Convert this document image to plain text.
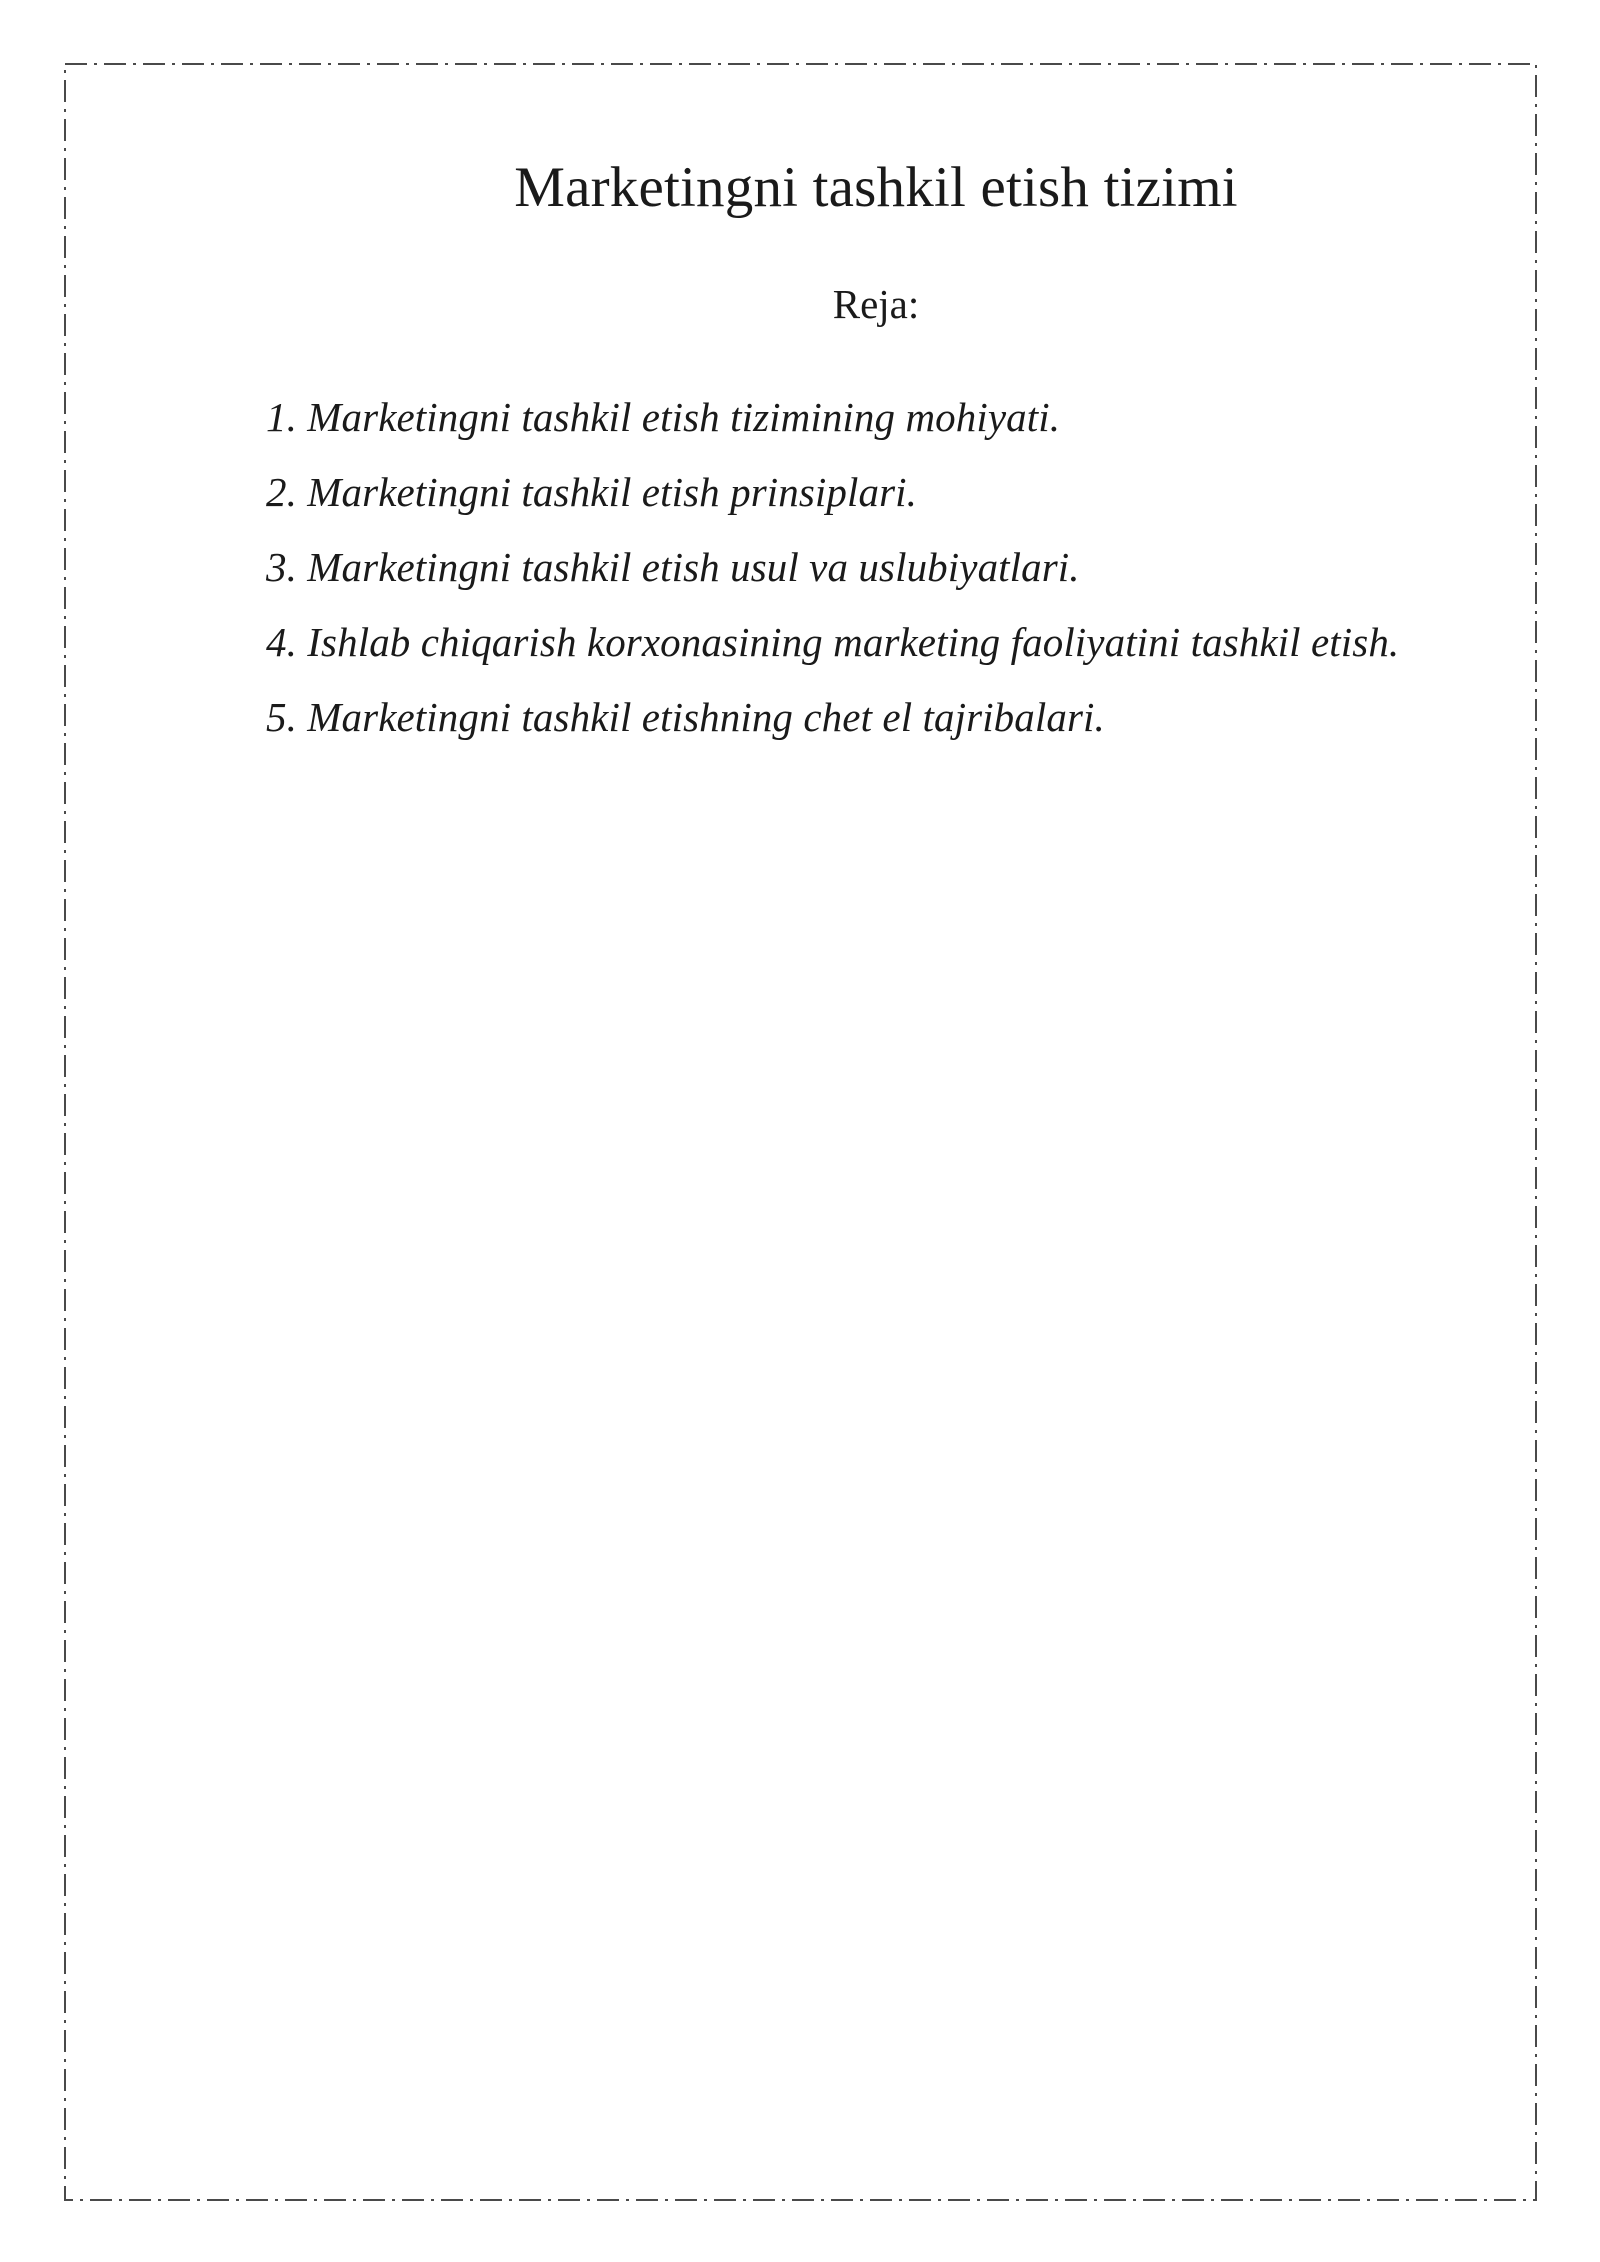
Marketingni tashkil etish tizimi
Reja:
1. Marketingni tashkil etish tizimining mohiyati.
2. Marketingni tashkil etish prinsiplari.
3. Marketingni tashkil etish usul va uslubiyatlari.
4. Ishlab chiqarish korxonasining marketing faoliyatini tashkil etish.
5. Marketingni tashkil etishning chet el tajribalari.
